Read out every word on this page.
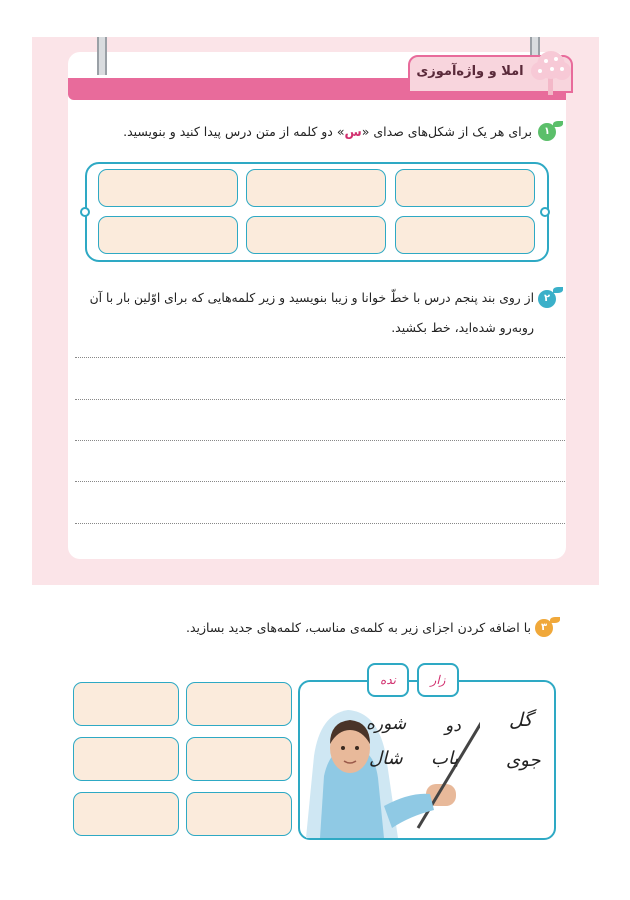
املا و واژه‌آموزی
۱
برای هر یک از شکل‌های صدای «س» دو کلمه از متن درس پیدا کنید و بنویسید.
۲
از روی بند پنجم درس با خطّ خوانا و زیبا بنویسید و زیر کلمه‌هایی که برای اوّلین بار با آن
روبه‌رو شده‌اید، خط بکشید.
۳
با اضافه کردن اجزای زیر به کلمه‌ی مناسب، کلمه‌های جدید بسازید.
زار
نده
گل
دو
شوره
جوی
یاب
شال
